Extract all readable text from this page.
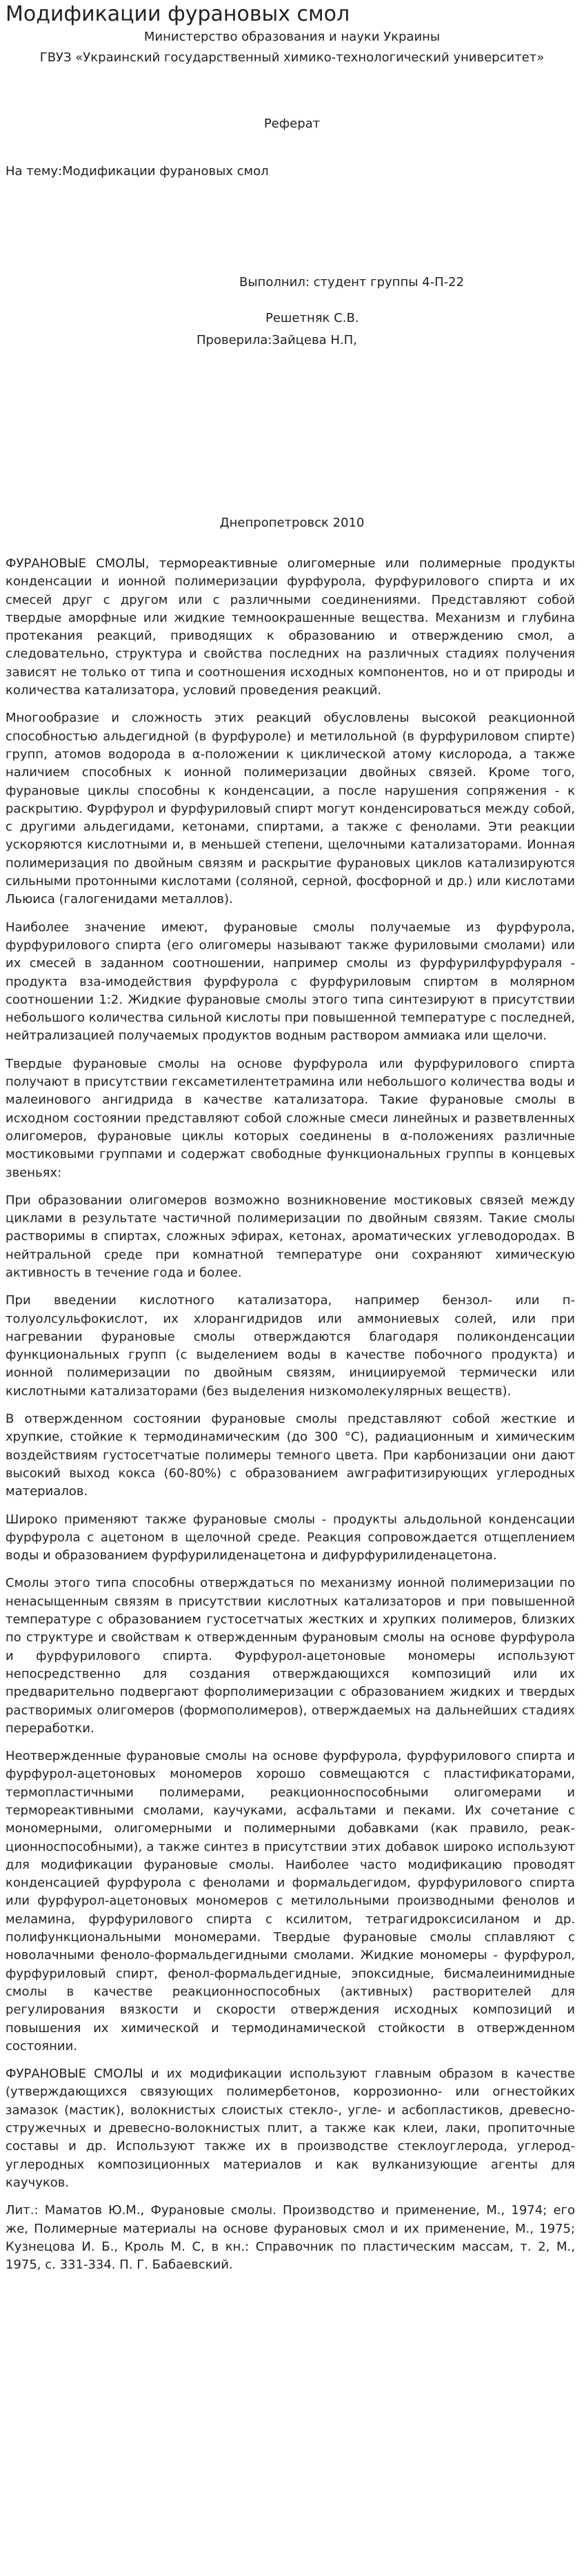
Модификации фурановых смол
Министерство образования и науки Украины
ГВУЗ «Украинский государственный химико-технологический университет»
Реферат
На тему:Модификации фурановых смол
Выполнил: студент группы 4-П-22
Решетняк С.В.
Проверила:Зайцева Н.П,
Днепропетровск 2010

ФУРАНОВЫЕ СМОЛЫ, термореактивные олигомерные или полимерные продукты конденсации и ионной полимеризации фурфурола, фурфурилового спирта и их смесей друг с другом или с различными соединениями. Представляют собой твердые аморфные или жидкие темноокрашенные вещества. Механизм и глубина протекания реакций, приводящих к образованию и отверждению смол, а следовательно, структура и свойства последних на различных стадиях получения зависят не только от типа и соотношения исходных компонентов, но и от природы и количества катализатора, условий проведения реакций.

Многообразие и сложность этих реакций обусловлены высокой реакционной способностью альдегидной (в фурфуроле) и метилольной (в фурфуриловом спирте) групп, атомов водорода в α-положении к циклической атому кислорода, а также наличием способных к ионной полимеризации двойных связей. Кроме того, фурановые циклы способны к конденсации, а после нарушения сопряжения - к раскрытию. Фурфурол и фурфуриловый спирт могут конденсироваться между собой, с другими альдегидами, кетонами, спиртами, а также с фенолами. Эти реакции ускоряются кислотными и, в меньшей степени, щелочными катализаторами. Ионная полимеризация по двойным связям и раскрытие фурановых циклов катализируются сильными протонными кислотами (соляной, серной, фосфорной и др.) или кислотами Льюиса (галогенидами металлов).

Наиболее значение имеют, фурановые смолы получаемые из фурфурола, фурфурилового спирта (его олигомеры называют также фуриловыми смолами) или их смесей в заданном соотношении, например смолы из фурфурилфурфураля - продукта вза-имодействия фурфурола с фурфуриловым спиртом в молярном соотношении 1:2. Жидкие фурановые смолы этого типа синтезируют в присутствии небольшого количества сильной кислоты при повышенной температуре с последней, нейтрализацией получаемых продуктов водным раствором аммиака или щелочи.

Твердые фурановые смолы на основе фурфурола или фурфурилового спирта получают в присутствии гексаметилентетрамина или небольшого количества воды и малеинового ангидрида в качестве катализатора. Такие фурановые смолы в исходном состоянии представляют собой сложные смеси линейных и разветвленных олигомеров, фурановые циклы которых соединены в α-положениях различные мостиковыми группами и содержат свободные функциональных группы в концевых звеньях:

При образовании олигомеров возможно возникновение мостиковых связей между циклами в результате частичной полимеризации по двойным связям. Такие смолы растворимы в спиртах, сложных эфирах, кетонах, ароматических углеводородах. В нейтральной среде при комнатной температуре они сохраняют химическую активность в течение года и более.

При введении кислотного катализатора, например бензол- или п-толуолсульфокислот, их хлорангидридов или аммониевых солей, или при нагревании фурановые смолы отверждаются благодаря поликонденсации функциональных групп (с выделением воды в качестве побочного продукта) и ионной полимеризации по двойным связям, инициируемой термически или кислотными катализаторами (без выделения низкомолекулярных веществ).

В отвержденном состоянии фурановые смолы представляют собой жесткие и хрупкие, стойкие к термодинамическим (до 300 °С), радиационным и химическим воздействиям густосетчатые полимеры темного цвета. При карбонизации они дают высокий выход кокса (60-80%) с образованием awграфитизирующих углеродных материалов.

Широко применяют также фурановые смолы - продукты альдольной конденсации фурфурола с ацетоном в щелочной среде. Реакция сопровождается отщеплением воды и образованием фурфурилиденацетона и дифурфурилиденацетона.

Смолы этого типа способны отверждаться по механизму ионной полимеризации по ненасыщенным связям в присутствии кислотных катализаторов и при повышенной температуре с образованием густосетчатых жестких и хрупких полимеров, близких по структуре и свойствам к отвержденным фурановым смолы на основе фурфурола и фурфурилового спирта. Фурфурол-ацетоновые мономеры используют непосредственно для создания отверждающихся композиций или их предварительно подвергают форполимеризации с образованием жидких и твердых растворимых олигомеров (формополимеров), отверждаемых на дальнейших стадиях переработки.

Неотвержденные фурановые смолы на основе фурфурола, фурфурилового спирта и фурфурол-ацетоновых мономеров хорошо совмещаются с пластификаторами, термопластичными полимерами, реакционноспособными олигомерами и термореактивными смолами, каучуками, асфальтами и пеками. Их сочетание с мономерными, олигомерными и полимерными добавками (как правило, реак-ционноспособными), а также синтез в присутствии этих добавок широко используют для модификации фурановые смолы. Наиболее часто модификацию проводят конденсацией фурфурола с фенолами и формальдегидом, фурфурилового спирта или фурфурол-ацетоновых мономеров с метилольными производными фенолов и меламина, фурфурилового спирта с ксилитом, тетрагидроксисиланом и др. полифункциональными мономерами. Твердые фурановые смолы сплавляют с новолачными феноло-формальдегидными смолами. Жидкие мономеры - фурфурол, фурфуриловый спирт, фенол-формальдегидные, эпоксидные, бисмалеинимидные смолы в качестве реакционноспособных (активных) растворителей для регулирования вязкости и скорости отверждения исходных композиций и повышения их химической и термодинамической стойкости в отвержденном состоянии.

ФУРАНОВЫЕ СМОЛЫ и их модификации используют главным образом в качестве (утверждающихся связующих полимербетонов, коррозионно- или огнестойких замазок (мастик), волокнистых слоистых стекло-, угле- и асбопластиков, древесно-стружечных и древесно-волокнистых плит, а также как клеи, лаки, пропиточные составы и др. Используют также их в производстве стеклоуглерода, углерод-углеродных композиционных материалов и как вулканизующие агенты для каучуков.

Лит.: Маматов Ю.М., Фурановые смолы. Производство и применение, М., 1974; его же, Полимерные материалы на основе фурановых смол и их применение, М., 1975; Кузнецова И. Б., Кроль М. С, в кн.: Справочник по пластическим массам, т. 2, М., 1975, с. 331-334. П. Г. Бабаевский.
